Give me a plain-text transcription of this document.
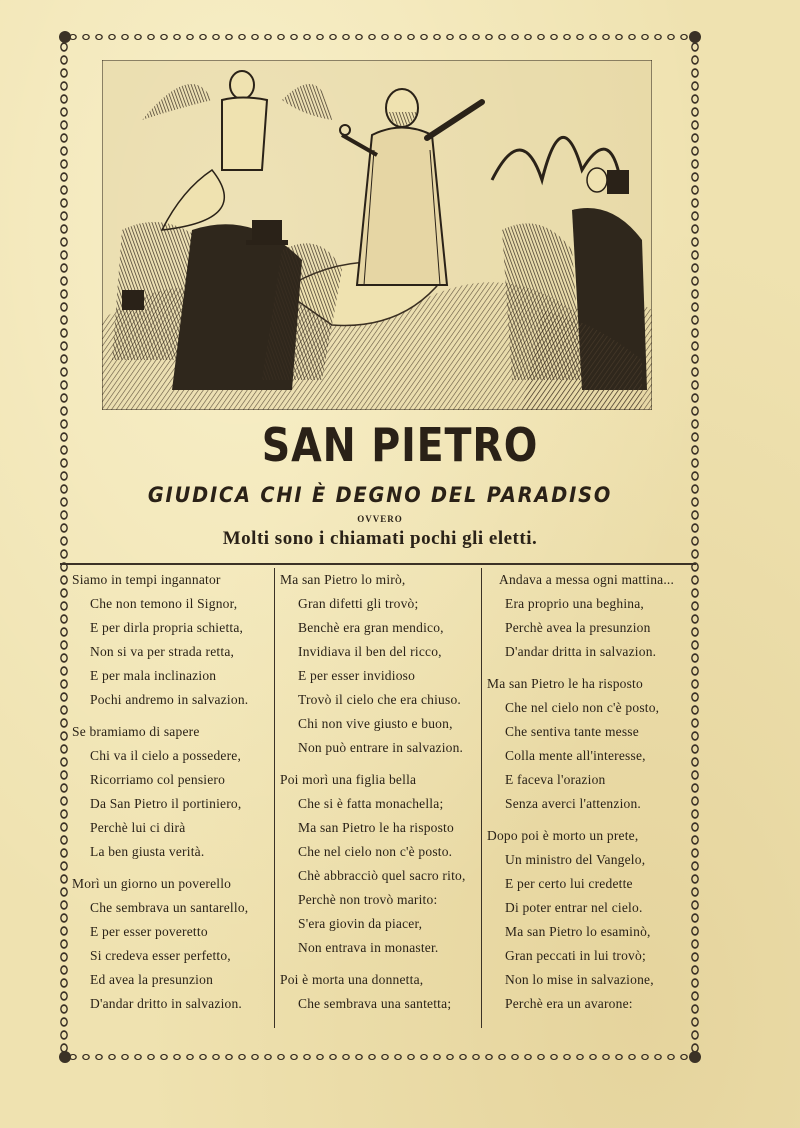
SAN PIETRO
GIUDICA CHI È DEGNO DEL PARADISO
OVVERO
Molti sono i chiamati pochi gli eletti.
Siamo in tempi ingannator
Che non temono il Signor,
E per dirla propria schietta,
Non si va per strada retta,
E per mala inclinazion
Pochi andremo in salvazion.
Se bramiamo di sapere
Chi va il cielo a possedere,
Ricorriamo col pensiero
Da San Pietro il portiniero,
Perchè lui ci dirà
La ben giusta verità.
Morì un giorno un poverello
Che sembrava un santarello,
E per esser poveretto
Si credeva esser perfetto,
Ed avea la presunzion
D'andar dritto in salvazion.
Ma san Pietro lo mirò,
Gran difetti gli trovò;
Benchè era gran mendico,
Invidiava il ben del ricco,
E per esser invidioso
Trovò il cielo che era chiuso.
Chi non vive giusto e buon,
Non può entrare in salvazion.
Poi morì una figlia bella
Che si è fatta monachella;
Ma san Pietro le ha risposto
Che nel cielo non c'è posto.
Chè abbracciò quel sacro rito,
Perchè non trovò marito:
S'era giovin da piacer,
Non entrava in monaster.
Poi è morta una donnetta,
Che sembrava una santetta;
Andava a messa ogni mattina...
Era proprio una beghina,
Perchè avea la presunzion
D'andar dritta in salvazion.
Ma san Pietro le ha risposto
Che nel cielo non c'è posto,
Che sentiva tante messe
Colla mente all'interesse,
E faceva l'orazion
Senza averci l'attenzion.
Dopo poi è morto un prete,
Un ministro del Vangelo,
E per certo lui credette
Di poter entrar nel cielo.
Ma san Pietro lo esaminò,
Gran peccati in lui trovò;
Non lo mise in salvazione,
Perchè era un avarone:
